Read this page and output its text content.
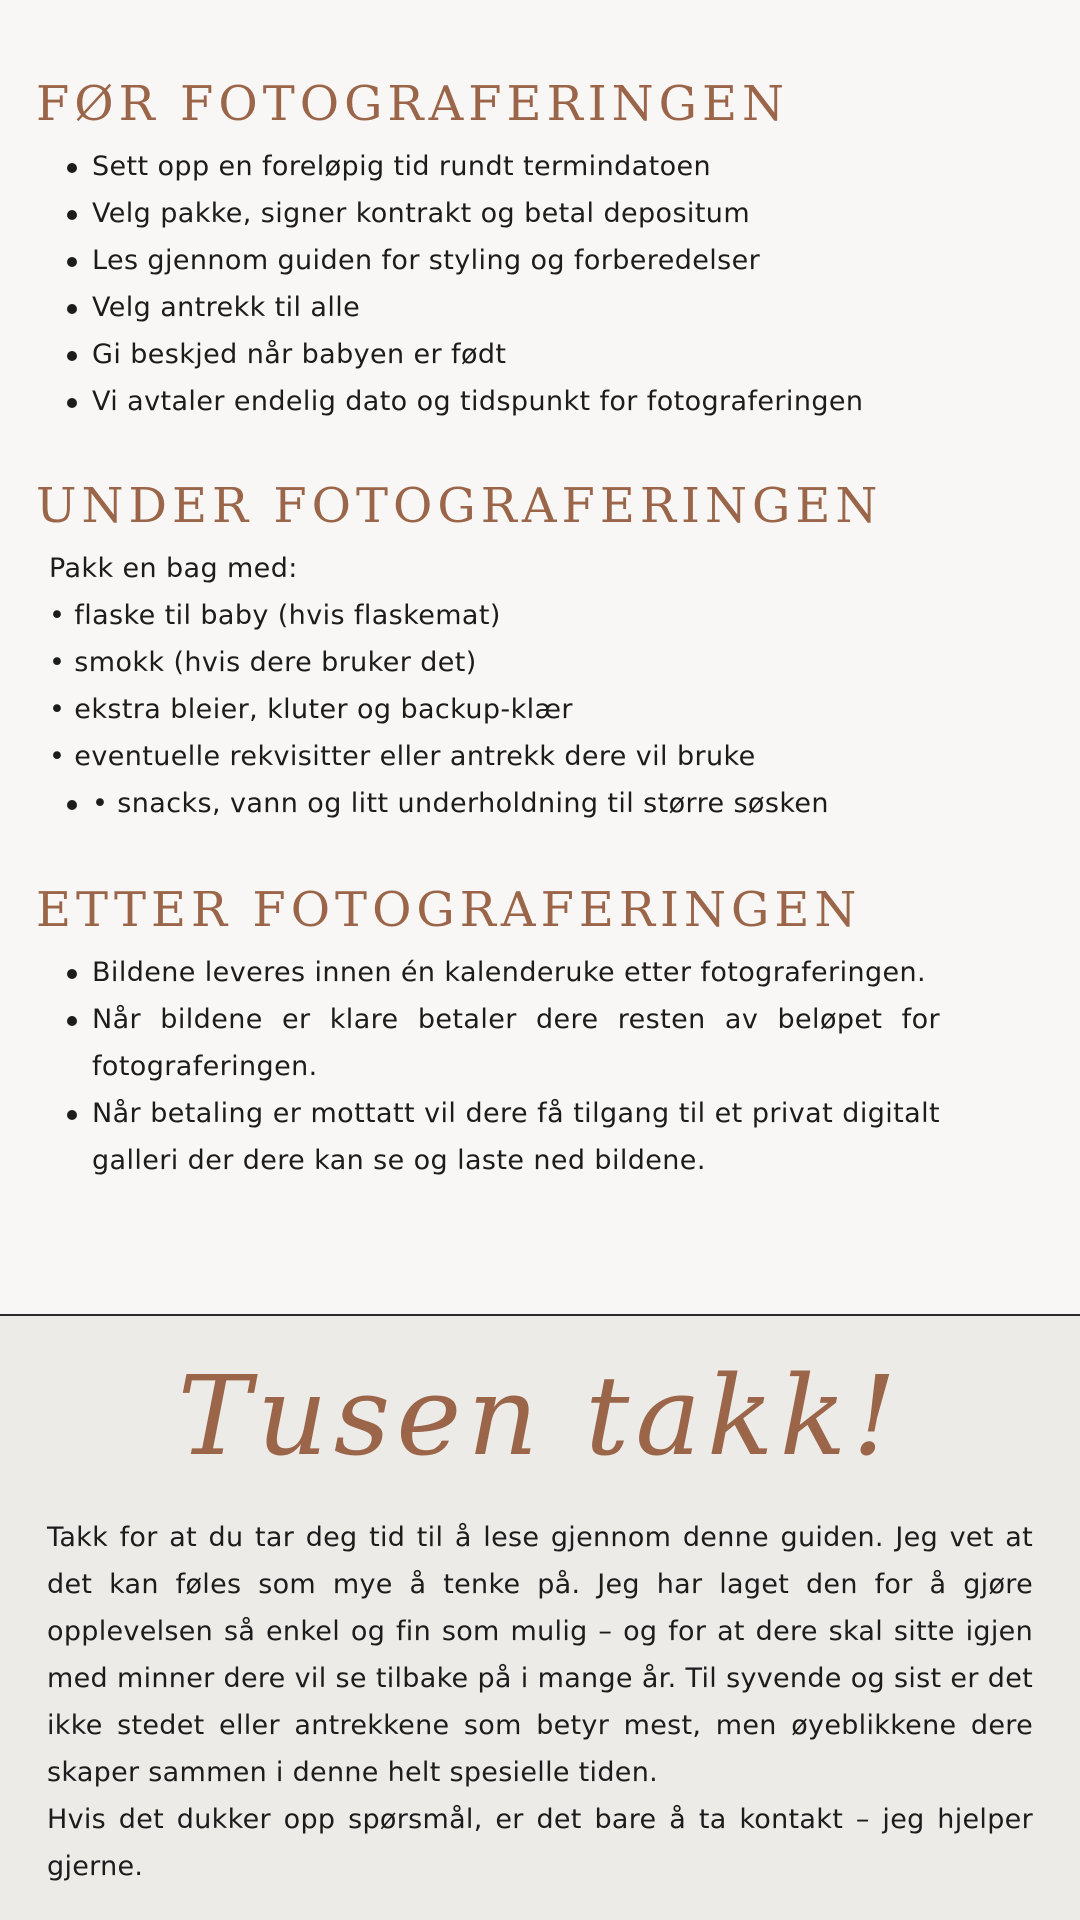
FØR FOTOGRAFERINGEN
Sett opp en foreløpig tid rundt termindatoen
Velg pakke, signer kontrakt og betal depositum
Les gjennom guiden for styling og forberedelser
Velg antrekk til alle
Gi beskjed når babyen er født
Vi avtaler endelig dato og tidspunkt for fotograferingen
UNDER FOTOGRAFERINGEN
Pakk en bag med:
• flaske til baby (hvis flaskemat)
• smokk (hvis dere bruker det)
• ekstra bleier, kluter og backup-klær
• eventuelle rekvisitter eller antrekk dere vil bruke
• snacks, vann og litt underholdning til større søsken
ETTER FOTOGRAFERINGEN
Bildene leveres innen én kalenderuke etter fotograferingen.
Når bildene er klare betaler dere resten av beløpet for fotograferingen.
Når betaling er mottatt vil dere få tilgang til et privat digitalt galleri der dere kan se og laste ned bildene.
Tusen takk!

Takk for at du tar deg tid til å lese gjennom denne guiden. Jeg vet at det kan føles som mye å tenke på. Jeg har laget den for å gjøre opplevelsen så enkel og fin som mulig – og for at dere skal sitte igjen med minner dere vil se tilbake på i mange år. Til syvende og sist er det ikke stedet eller antrekkene som betyr mest, men øyeblikkene dere skaper sammen i denne helt spesielle tiden.

Hvis det dukker opp spørsmål, er det bare å ta kontakt – jeg hjelper gjerne.
